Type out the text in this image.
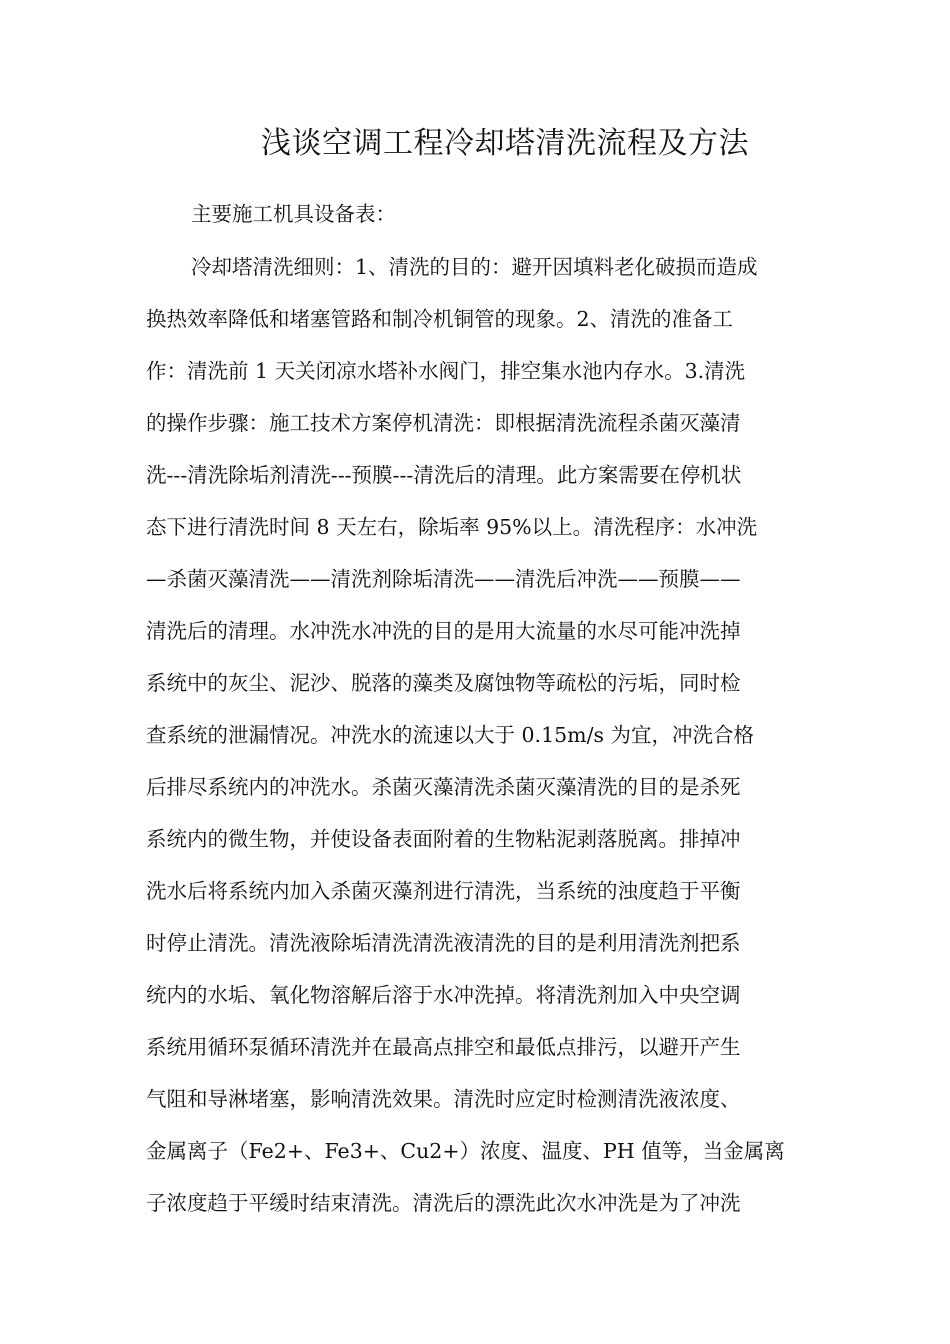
浅谈空调工程冷却塔清洗流程及方法
主要施工机具设备表：
冷却塔清洗细则：1、清洗的目的：避开因填料老化破损而造成
换热效率降低和堵塞管路和制冷机铜管的现象。2、清洗的准备工
作：清洗前 1 天关闭凉水塔补水阀门，排空集水池内存水。3.清洗
的操作步骤：施工技术方案停机清洗：即根据清洗流程杀菌灭藻清
洗---清洗除垢剂清洗---预膜---清洗后的清理。此方案需要在停机状
态下进行清洗时间 8 天左右，除垢率 95%以上。清洗程序：水冲洗
—杀菌灭藻清洗——清洗剂除垢清洗——清洗后冲洗——预膜——
清洗后的清理。水冲洗水冲洗的目的是用大流量的水尽可能冲洗掉
系统中的灰尘、泥沙、脱落的藻类及腐蚀物等疏松的污垢，同时检
查系统的泄漏情况。冲洗水的流速以大于 0.15m/s 为宜，冲洗合格
后排尽系统内的冲洗水。杀菌灭藻清洗杀菌灭藻清洗的目的是杀死
系统内的微生物，并使设备表面附着的生物粘泥剥落脱离。排掉冲
洗水后将系统内加入杀菌灭藻剂进行清洗，当系统的浊度趋于平衡
时停止清洗。清洗液除垢清洗清洗液清洗的目的是利用清洗剂把系
统内的水垢、氧化物溶解后溶于水冲洗掉。将清洗剂加入中央空调
系统用循环泵循环清洗并在最高点排空和最低点排污，以避开产生
气阻和导淋堵塞，影响清洗效果。清洗时应定时检测清洗液浓度、
金属离子（Fe2+、Fe3+、Cu2+）浓度、温度、PH 值等，当金属离
子浓度趋于平缓时结束清洗。清洗后的漂洗此次水冲洗是为了冲洗
